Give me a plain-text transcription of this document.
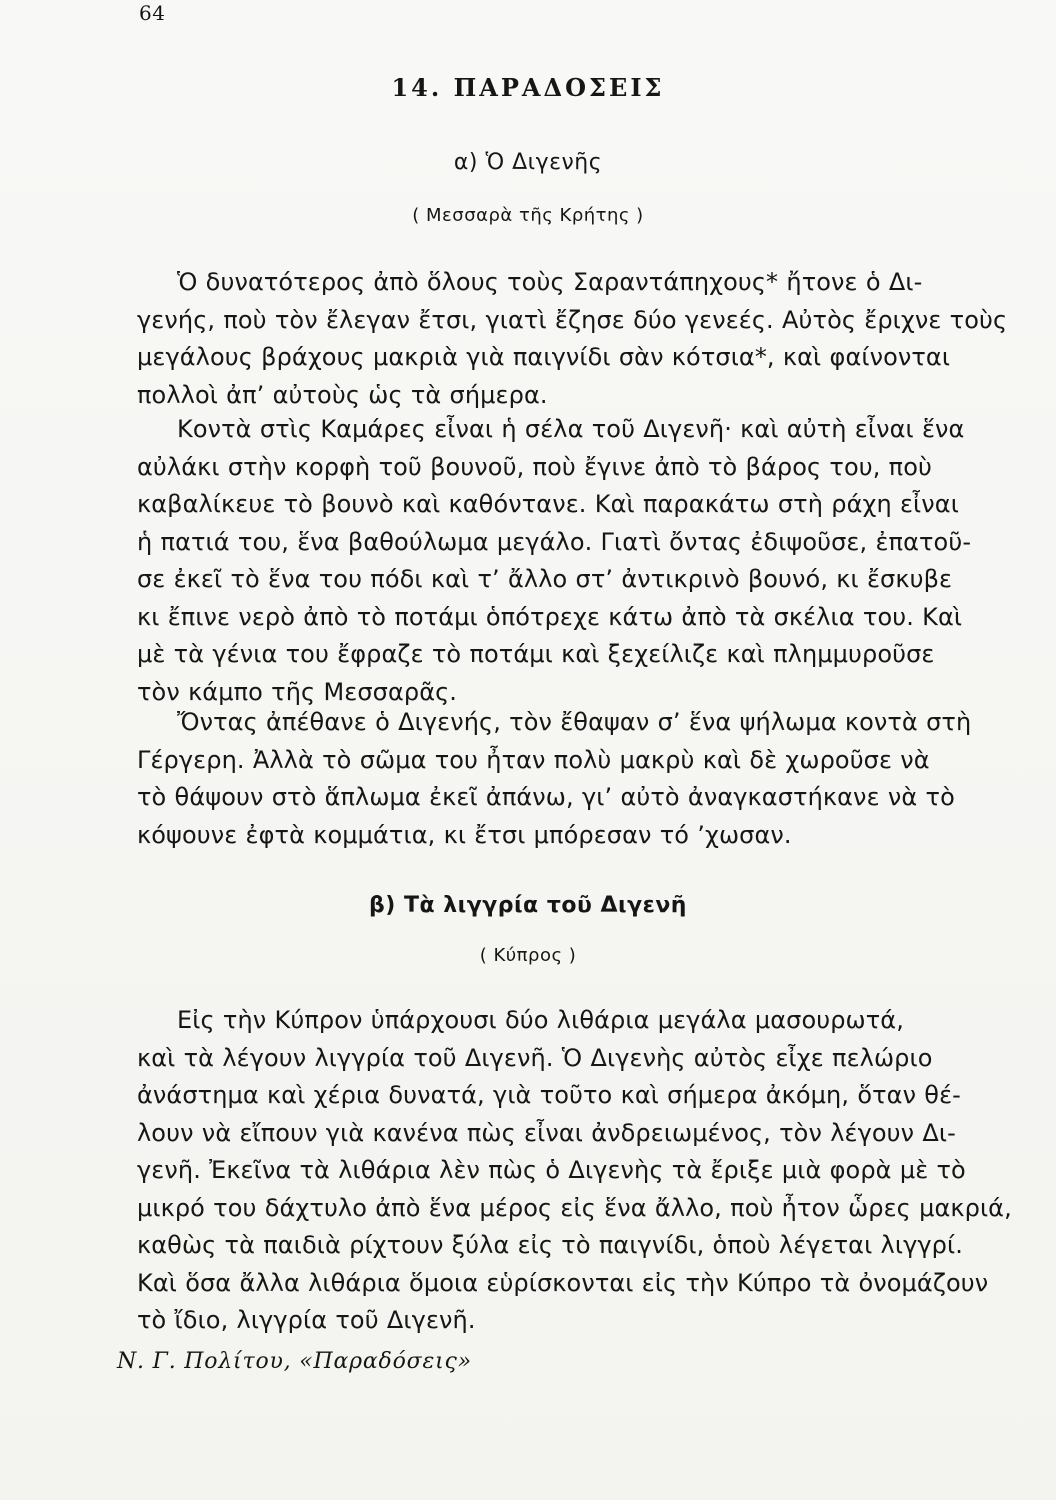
64
14. ΠΑΡΑΔΟΣΕΙΣ
α) Ὁ Διγενῆς
( Μεσσαρὰ τῆς Κρήτης )
Ὁ δυνατότερος ἀπὸ ὅλους τοὺς Σαραντάπηχους* ἤτονε ὁ Δι-
γενής, ποὺ τὸν ἔλεγαν ἔτσι, γιατὶ ἔζησε δύο γενεές. Αὐτὸς ἔριχνε τοὺς
μεγάλους βράχους μακριὰ γιὰ παιγνίδι σὰν κότσια*, καὶ φαίνονται
πολλοὶ ἀπ’ αὐτοὺς ὡς τὰ σήμερα.
Κοντὰ στὶς Καμάρες εἶναι ἡ σέλα τοῦ Διγενῆ· καὶ αὐτὴ εἶναι ἕνα
αὐλάκι στὴν κορφὴ τοῦ βουνοῦ, ποὺ ἔγινε ἀπὸ τὸ βάρος του, ποὺ
καβαλίκευε τὸ βουνὸ καὶ καθόντανε. Καὶ παρακάτω στὴ ράχη εἶναι
ἡ πατιά του, ἕνα βαθούλωμα μεγάλο. Γιατὶ ὄντας ἐδιψοῦσε, ἐπατοῦ-
σε ἐκεῖ τὸ ἕνα του πόδι καὶ τ’ ἄλλο στ’ ἀντικρινὸ βουνό, κι ἔσκυβε
κι ἔπινε νερὸ ἀπὸ τὸ ποτάμι ὁπότρεχε κάτω ἀπὸ τὰ σκέλια του. Καὶ
μὲ τὰ γένια του ἔφραζε τὸ ποτάμι καὶ ξεχείλιζε καὶ πλημμυροῦσε
τὸν κάμπο τῆς Μεσσαρᾶς.
Ὄντας ἀπέθανε ὁ Διγενής, τὸν ἔθαψαν σ’ ἕνα ψήλωμα κοντὰ στὴ
Γέργερη. Ἀλλὰ τὸ σῶμα του ἦταν πολὺ μακρὺ καὶ δὲ χωροῦσε νὰ
τὸ θάψουν στὸ ἅπλωμα ἐκεῖ ἀπάνω, γι’ αὐτὸ ἀναγκαστήκανε νὰ τὸ
κόψουνε ἐφτὰ κομμάτια, κι ἔτσι μπόρεσαν τό ’χωσαν.
β) Τὰ λιγγρία τοῦ Διγενῆ
( Κύπρος )
Εἰς τὴν Κύπρον ὑπάρχουσι δύο λιθάρια μεγάλα μασουρωτά,
καὶ τὰ λέγουν λιγγρία τοῦ Διγενῆ. Ὁ Διγενὴς αὐτὸς εἶχε πελώριο
ἀνάστημα καὶ χέρια δυνατά, γιὰ τοῦτο καὶ σήμερα ἀκόμη, ὅταν θέ-
λουν νὰ εἴπουν γιὰ κανένα πὼς εἶναι ἀνδρειωμένος, τὸν λέγουν Δι-
γενῆ. Ἐκεῖνα τὰ λιθάρια λὲν πὼς ὁ Διγενὴς τὰ ἔριξε μιὰ φορὰ μὲ τὸ
μικρό του δάχτυλο ἀπὸ ἕνα μέρος εἰς ἕνα ἄλλο, ποὺ ἦτον ὧρες μακριά,
καθὼς τὰ παιδιὰ ρίχτουν ξύλα εἰς τὸ παιγνίδι, ὁποὺ λέγεται λιγγρί.
Καὶ ὅσα ἄλλα λιθάρια ὅμοια εὑρίσκονται εἰς τὴν Κύπρο τὰ ὀνομάζουν
τὸ ἴδιο, λιγγρία τοῦ Διγενῆ.
Ν. Γ. Πολίτου, «Παραδόσεις»
